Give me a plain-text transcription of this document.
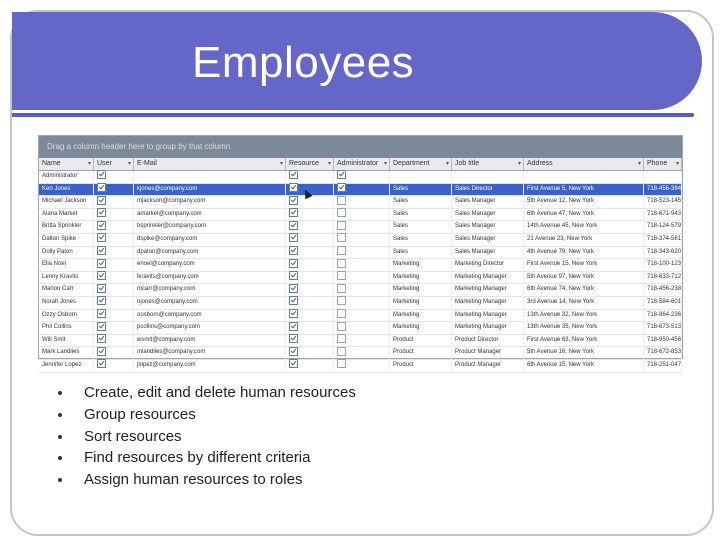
Employees
Drag a column header here to group by that column
Name	▾ User	▾ E-Mail	▾ Resource ▾ Administrator ▾ Department	▾ Job title	▾ Address	▾ Phone ▾
Administrator
Ken Jones	kjones@company.com	Sales	Sales Director	First Avenue 5, New York	718-456-394
Michael Jackson	mjackson@company.com	Sales	Sales Manager	5th Avenue 12, New York	718-523-145
Alana Market	amarket@company.com	Sales	Sales Manager	6th Avenue 47, New York	718-671-943
Britta Sprinkler	bsprinkler@company.com	Sales	Sales Manager	14th Avenue 45, New York	718-124-579
Dalton Spike	dspike@company.com	Sales	Sales Manager	21 Avenue 23, New York	718-374-561
Dolly Paton	dpaton@company.com	Sales	Sales Manager	4th Avenue 79, New York	718-343-620
Elia Noel	enoel@company.com	Marketing	Marketing Director	First Avenue 15, New York	718-100-123
Lenny Kravits	lkravits@company.com	Marketing	Marketing Manager	5th Avenue 97, New York	718-633-712
Marion Carr	mcarr@company.com	Marketing	Marketing Manager	6th Avenue 74, New York	718-456-238
Norah Jones	njones@company.com	Marketing	Marketing Manager	3rd Avenue 14, New York	718-584-601
Ozzy Osborn	oosborn@company.com	Marketing	Marketing Manager	13th Avenue 32, New York	718-864-236
Phil Collins	pcollins@company.com	Marketing	Marketing Manager	13th Avenue 35, New York	718-673-513
Will Smit	wsmit@company.com	Product	Product Director	First Avenue 63, New York	718-950-456
Mark Landlies	mlandlies@company.com	Product	Product Manager	5th Avenue 16, New York	718-672-853
Jennifer Lopez	jlopez@company.com	Product	Product Manager	6th Avenue 15, New York	718-251-047
Create, edit and delete human resources
Group resources
Sort resources
Find resources by different criteria
Assign human resources to roles
